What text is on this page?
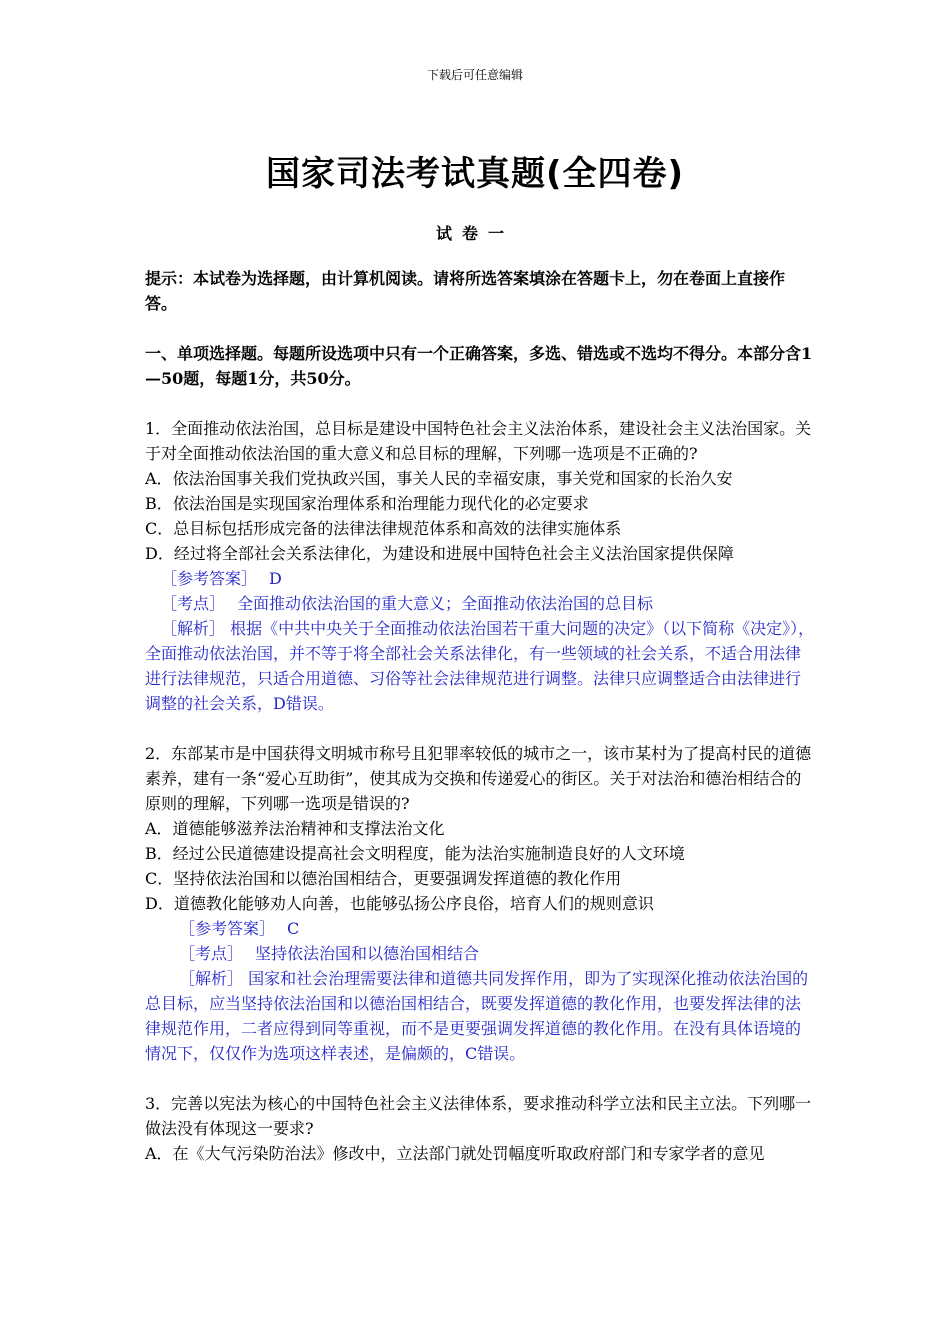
下载后可任意编辑
国家司法考试真题(全四卷)
试卷一

提示：本试卷为选择题，由计算机阅读。请将所选答案填涂在答题卡上，勿在卷面上直接作答。

一、单项选择题。每题所设选项中只有一个正确答案，多选、错选或不选均不得分。本部分含1—50题，每题1分，共50分。

1．全面推动依法治国，总目标是建设中国特色社会主义法治体系，建设社会主义法治国家。关于对全面推动依法治国的重大意义和总目标的理解，下列哪一选项是不正确的?

A．依法治国事关我们党执政兴国，事关人民的幸福安康，事关党和国家的长治久安

B．依法治国是实现国家治理体系和治理能力现代化的必定要求

C．总目标包括形成完备的法律法律规范体系和高效的法律实施体系

D．经过将全部社会关系法律化，为建设和进展中国特色社会主义法治国家提供保障

［参考答案］ D

［考点］ 全面推动依法治国的重大意义；全面推动依法治国的总目标

［解析］ 根据《中共中央关于全面推动依法治国若干重大问题的决定》（以下简称《决定》），全面推动依法治国，并不等于将全部社会关系法律化，有一些领域的社会关系，不适合用法律进行法律规范，只适合用道德、习俗等社会法律规范进行调整。法律只应调整适合由法律进行调整的社会关系，D错误。

2．东部某市是中国获得文明城市称号且犯罪率较低的城市之一，该市某村为了提高村民的道德素养，建有一条“爱心互助街”，使其成为交换和传递爱心的街区。关于对法治和德治相结合的原则的理解，下列哪一选项是错误的?

A．道德能够滋养法治精神和支撑法治文化

B．经过公民道德建设提高社会文明程度，能为法治实施制造良好的人文环境

C．坚持依法治国和以德治国相结合，更要强调发挥道德的教化作用

D．道德教化能够劝人向善，也能够弘扬公序良俗，培育人们的规则意识

［参考答案］ C

［考点］ 坚持依法治国和以德治国相结合

［解析］ 国家和社会治理需要法律和道德共同发挥作用，即为了实现深化推动依法治国的总目标，应当坚持依法治国和以德治国相结合，既要发挥道德的教化作用，也要发挥法律的法律规范作用，二者应得到同等重视，而不是更要强调发挥道德的教化作用。在没有具体语境的情况下，仅仅作为选项这样表述，是偏颇的，C错误。

3．完善以宪法为核心的中国特色社会主义法律体系，要求推动科学立法和民主立法。下列哪一做法没有体现这一要求?

A．在《大气污染防治法》修改中，立法部门就处罚幅度听取政府部门和专家学者的意见
